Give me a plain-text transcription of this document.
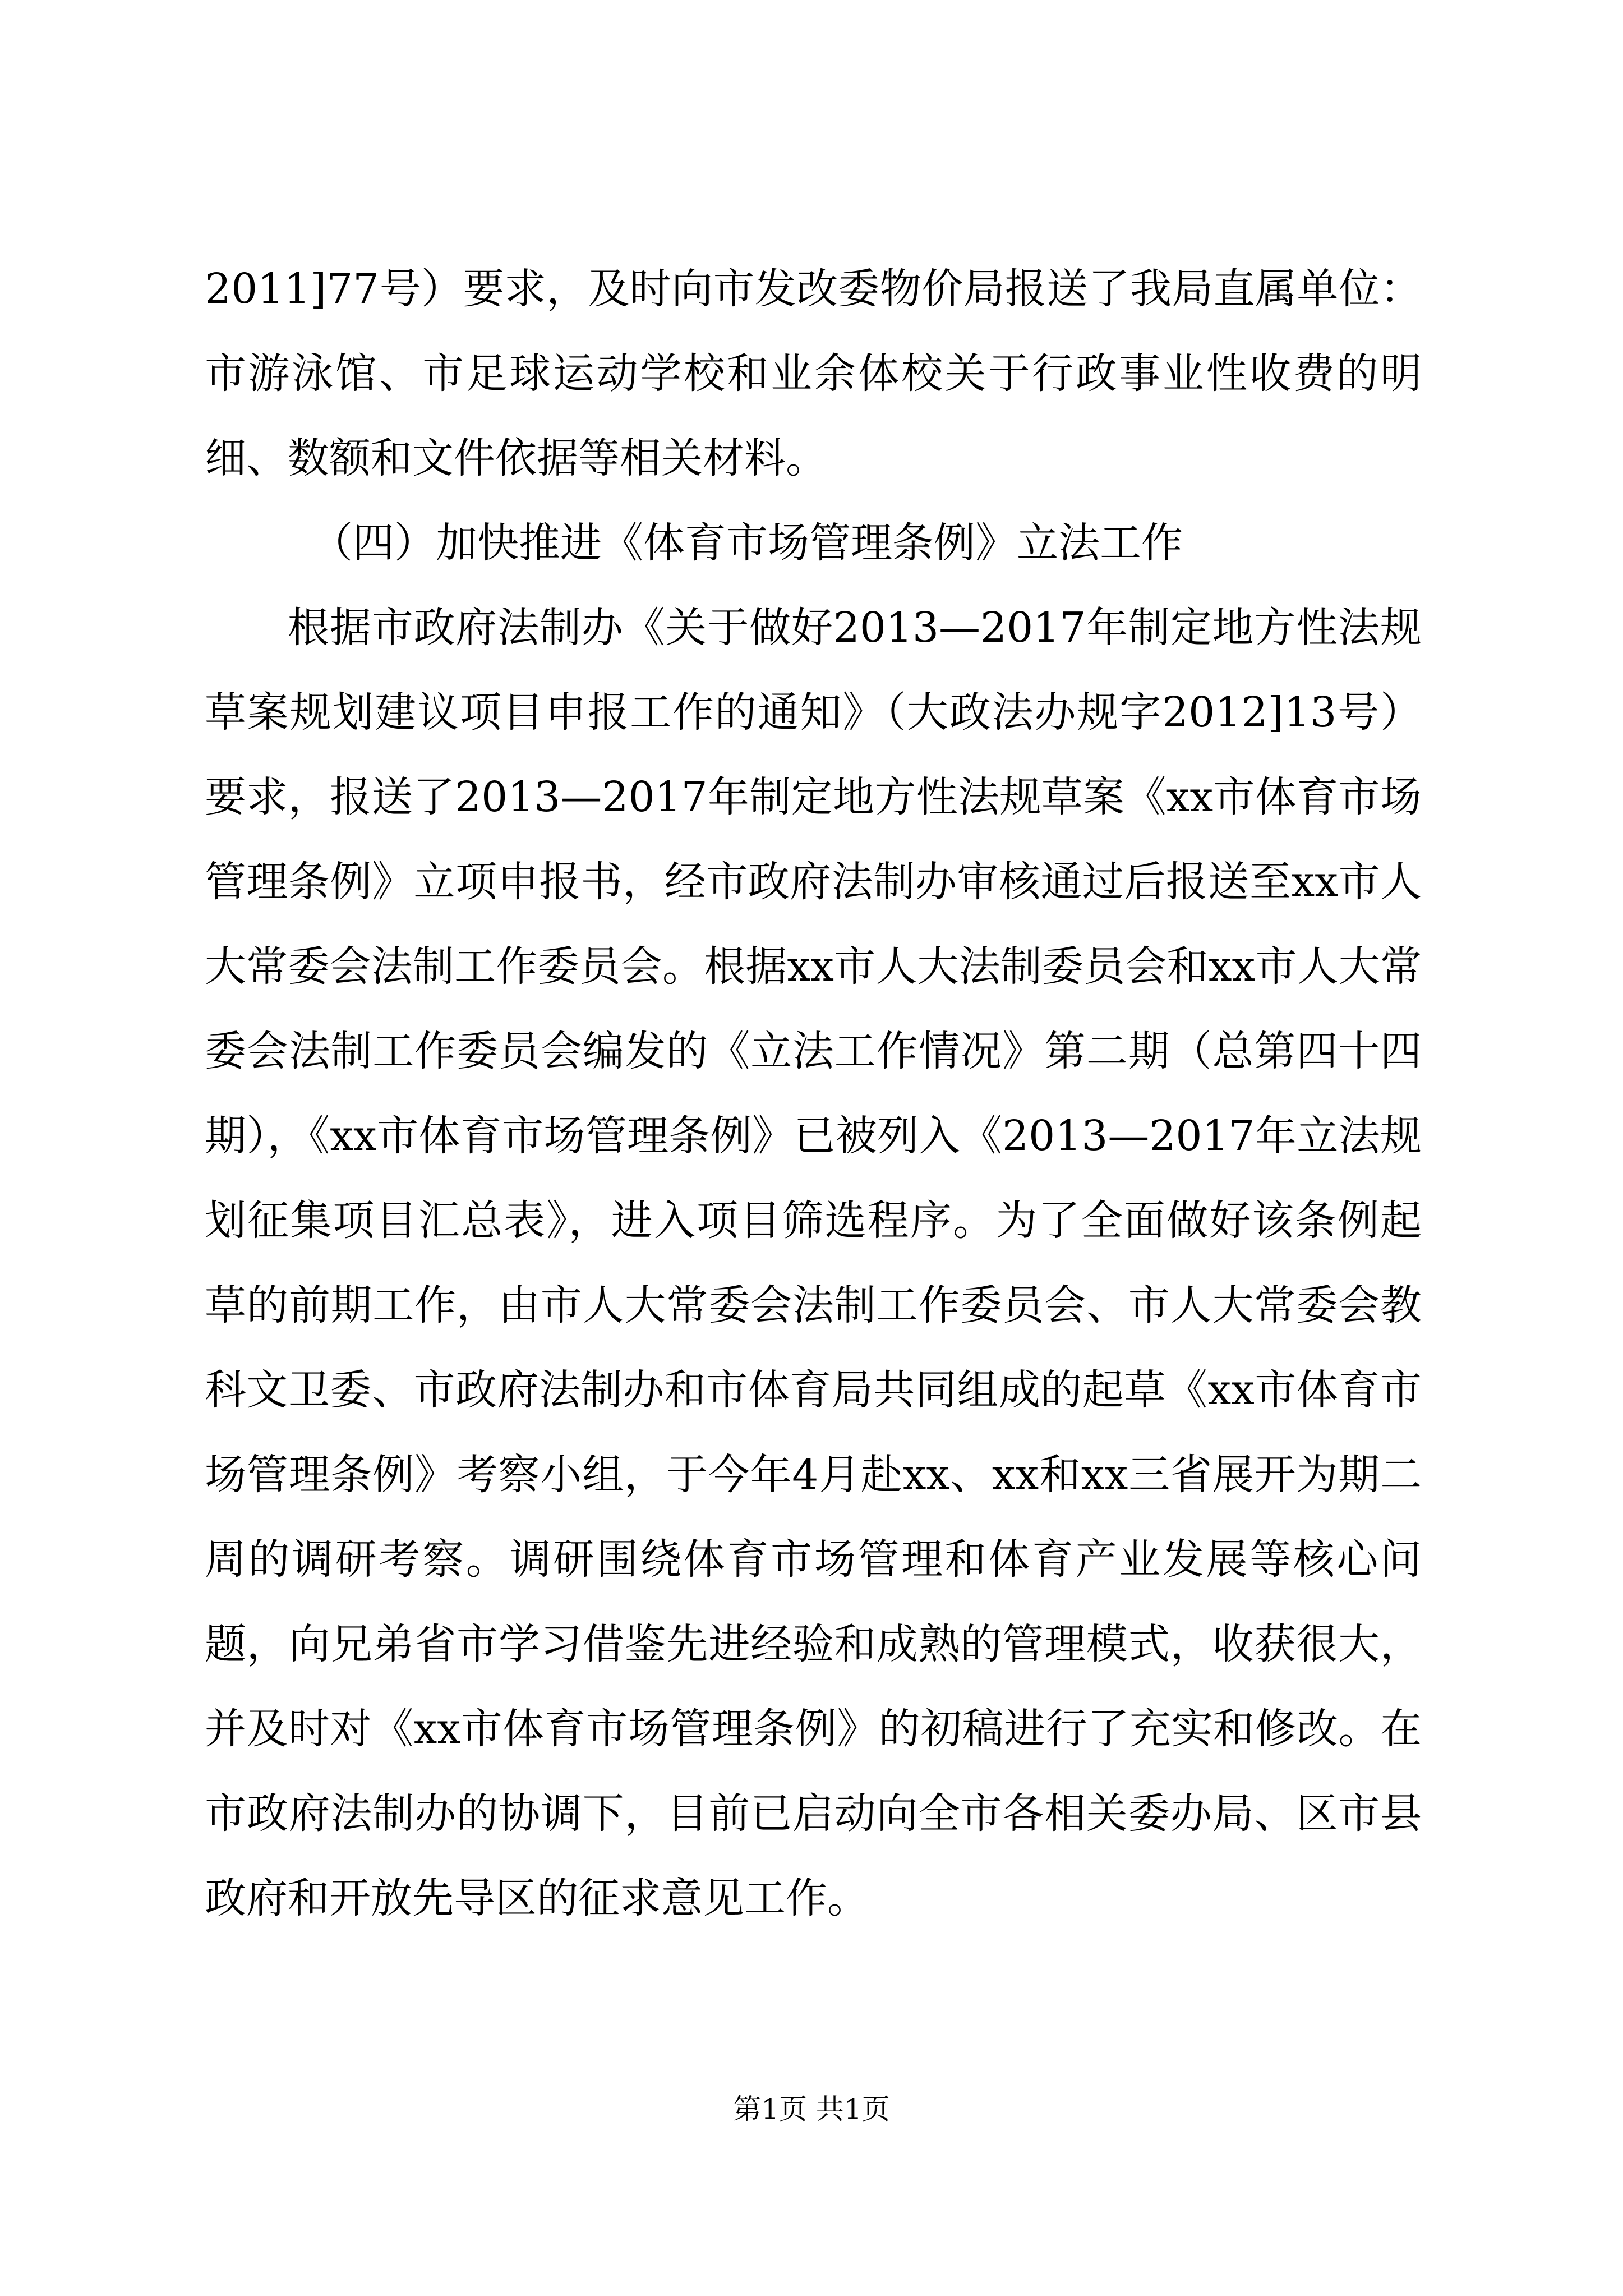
2011]77号）要求，及时向市发改委物价局报送了我局直属单位：市游泳馆、市足球运动学校和业余体校关于行政事业性收费的明细、数额和文件依据等相关材料。

（四）加快推进《体育市场管理条例》立法工作

根据市政府法制办《关于做好2013—2017年制定地方性法规草案规划建议项目申报工作的通知》（大政法办规字2012]13号）要求，报送了2013—2017年制定地方性法规草案《xx市体育市场管理条例》立项申报书，经市政府法制办审核通过后报送至xx市人大常委会法制工作委员会。根据xx市人大法制委员会和xx市人大常委会法制工作委员会编发的《立法工作情况》第二期（总第四十四期），《xx市体育市场管理条例》已被列入《2013—2017年立法规划征集项目汇总表》，进入项目筛选程序。为了全面做好该条例起草的前期工作，由市人大常委会法制工作委员会、市人大常委会教科文卫委、市政府法制办和市体育局共同组成的起草《xx市体育市场管理条例》考察小组，于今年4月赴xx、xx和xx三省展开为期二周的调研考察。调研围绕体育市场管理和体育产业发展等核心问题，向兄弟省市学习借鉴先进经验和成熟的管理模式，收获很大，并及时对《xx市体育市场管理条例》的初稿进行了充实和修改。在市政府法制办的协调下，目前已启动向全市各相关委办局、区市县政府和开放先导区的征求意见工作。

第1页 共1页
